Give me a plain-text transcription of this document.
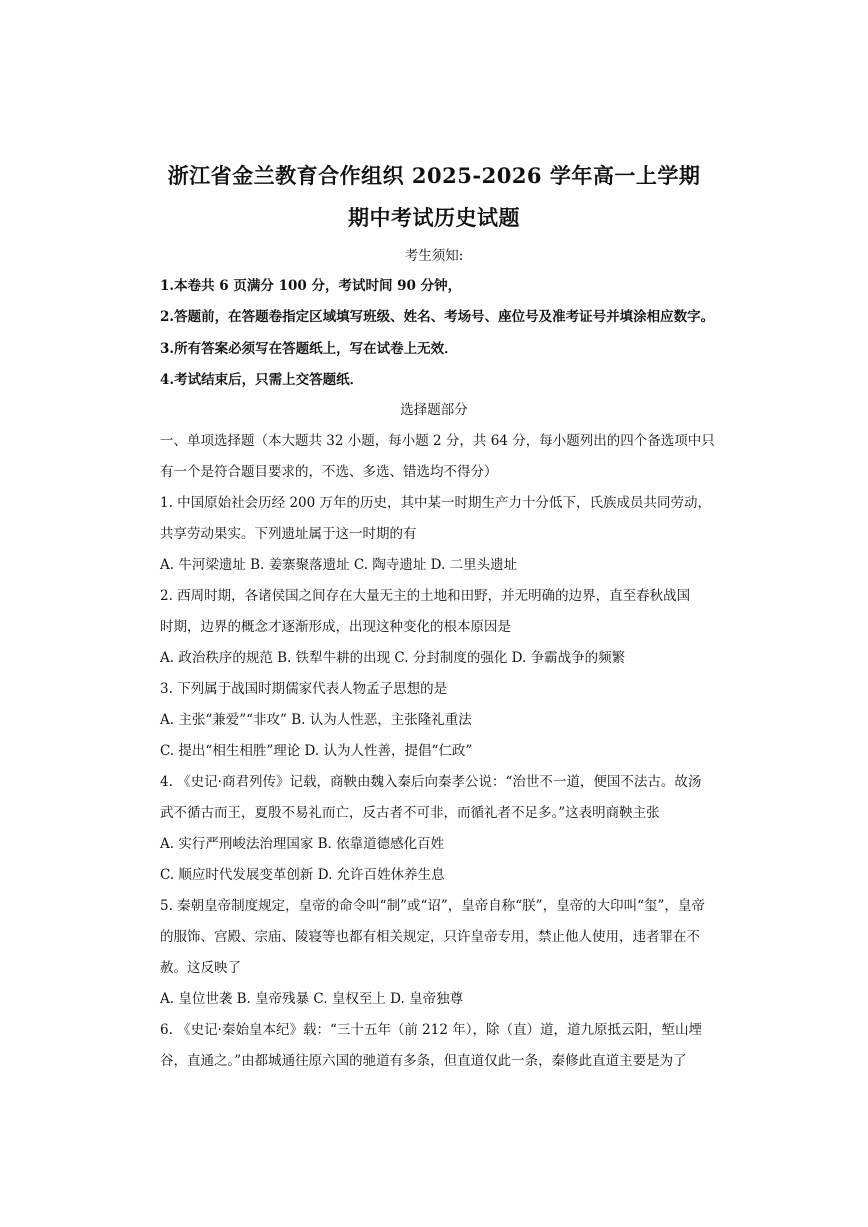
浙江省金兰教育合作组织 2025-2026 学年高一上学期
期中考试历史试题
考生须知:
1.本卷共 6 页满分 100 分，考试时间 90 分钟，
2.答题前，在答题卷指定区域填写班级、姓名、考场号、座位号及准考证号并填涂相应数字。
3.所有答案必须写在答题纸上，写在试卷上无效．
4.考试结束后，只需上交答题纸．
选择题部分
一、单项选择题（本大题共 32 小题，每小题 2 分，共 64 分，每小题列出的四个备选项中只
有一个是符合题目要求的，不选、多选、错选均不得分）
1. 中国原始社会历经 200 万年的历史，其中某一时期生产力十分低下，氏族成员共同劳动，
共享劳动果实。下列遗址属于这一时期的有
A. 牛河梁遗址 B. 姜寨聚落遗址 C. 陶寺遗址 D. 二里头遗址
2. 西周时期，各诸侯国之间存在大量无主的土地和田野，并无明确的边界，直至春秋战国
时期，边界的概念才逐渐形成，出现这种变化的根本原因是
A. 政治秩序的规范 B. 铁犁牛耕的出现 C. 分封制度的强化 D. 争霸战争的频繁
3. 下列属于战国时期儒家代表人物孟子思想的是
A. 主张“兼爱”“非攻” B. 认为人性恶，主张隆礼重法
C. 提出“相生相胜”理论 D. 认为人性善，提倡“仁政”
4. 《史记·商君列传》记载，商鞅由魏入秦后向秦孝公说：“治世不一道，便国不法古。故汤
武不循古而王，夏殷不易礼而亡，反古者不可非，而循礼者不足多。”这表明商鞅主张
A. 实行严刑峻法治理国家 B. 依靠道德感化百姓
C. 顺应时代发展变革创新 D. 允许百姓休养生息
5. 秦朝皇帝制度规定，皇帝的命令叫“制”或“诏”，皇帝自称“朕”，皇帝的大印叫“玺”，皇帝
的服饰、宫殿、宗庙、陵寝等也都有相关规定，只许皇帝专用，禁止他人使用，违者罪在不
赦。这反映了
A. 皇位世袭 B. 皇帝残暴 C. 皇权至上 D. 皇帝独尊
6. 《史记·秦始皇本纪》载：“三十五年（前 212 年），除（直）道，道九原抵云阳，堑山堙
谷，直通之。”由都城通往原六国的驰道有多条，但直道仅此一条，秦修此直道主要是为了
